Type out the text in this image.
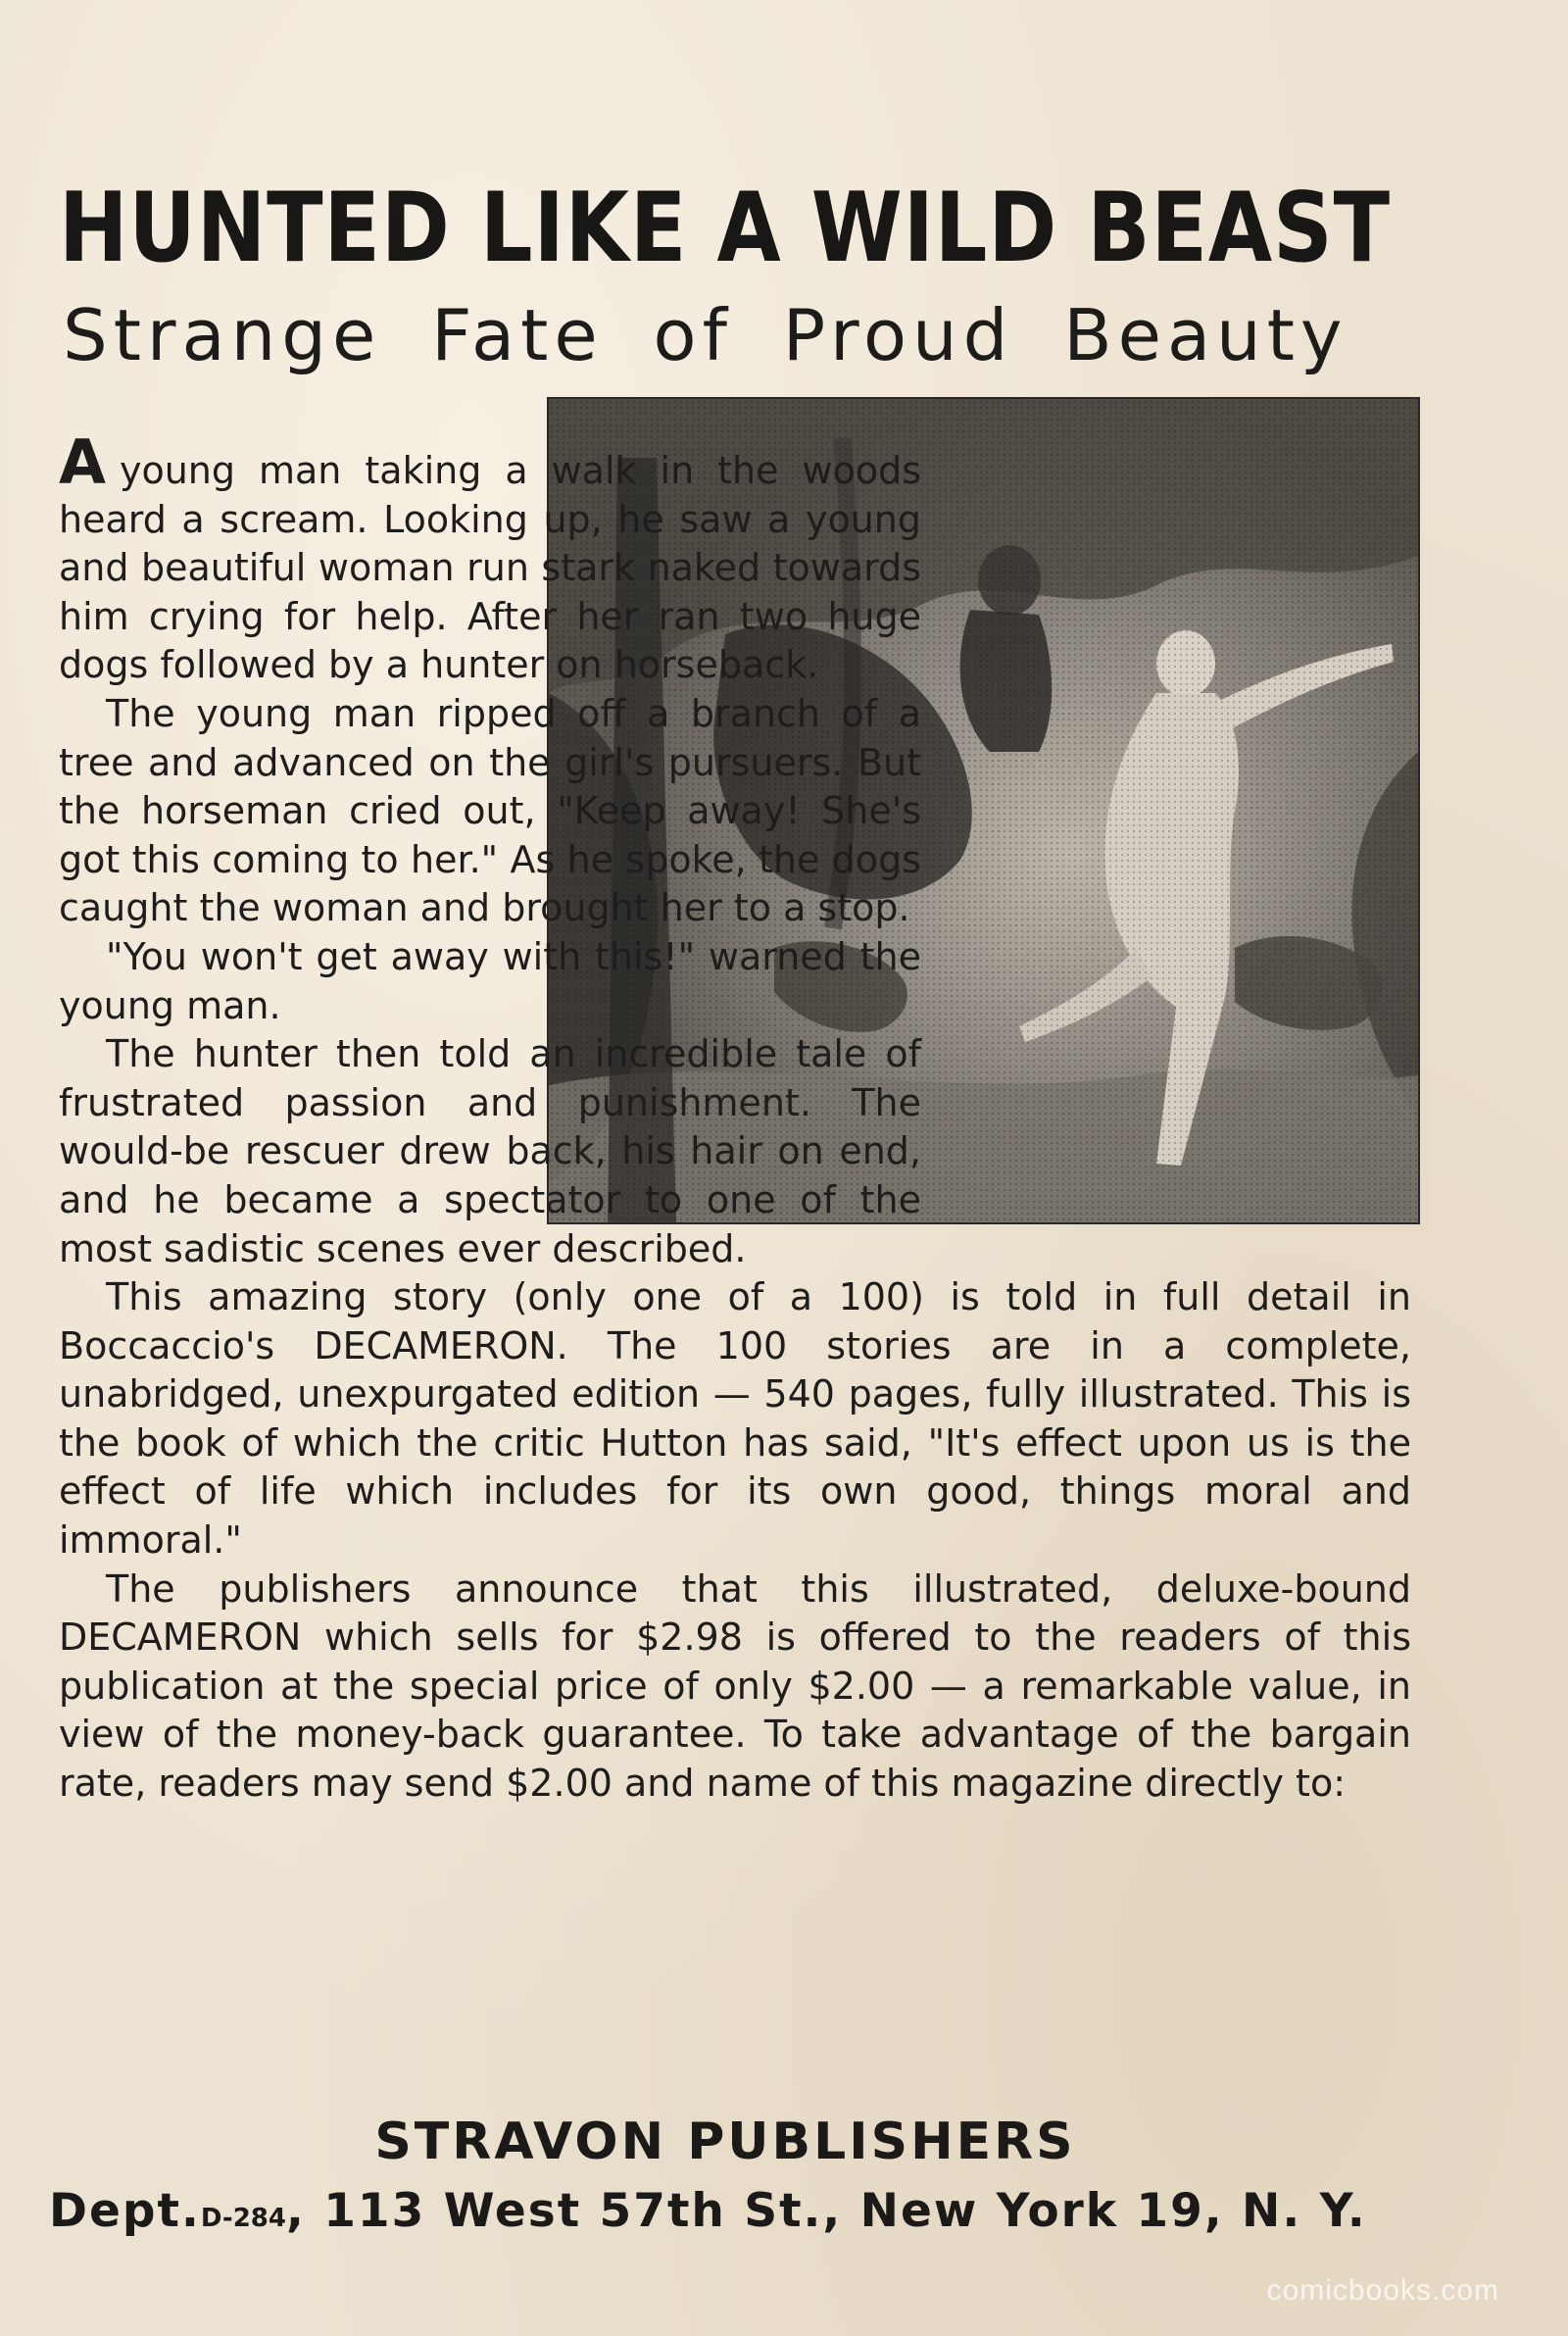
HUNTED LIKE A WILD BEAST
Strange Fate of Proud Beauty

Ayoung man taking a walk in the woods heard a scream. Looking up, he saw a young and beautiful woman run stark naked towards him crying for help. After her ran two huge dogs followed by a hunter on horseback.

The young man ripped off a branch of a tree and advanced on the girl's pursuers. But the horseman cried out, "Keep away! She's got this coming to her." As he spoke, the dogs caught the woman and brought her to a stop.

"You won't get away with this!" warned the young man.

The hunter then told an incredible tale of frustrated passion and punishment. The would-be rescuer drew back, his hair on end, and he became a spectator to one of the most sadistic scenes ever described.

This amazing story (only one of a 100) is told in full detail in Boccaccio's DECAMERON. The 100 stories are in a complete, unabridged, unexpurgated edition — 540 pages, fully illustrated. This is the book of which the critic Hutton has said, "It's effect upon us is the effect of life which includes for its own good, things moral and immoral."

The publishers announce that this illustrated, deluxe-bound DECAMERON which sells for $2.98 is offered to the readers of this publication at the special price of only $2.00 — a remarkable value, in view of the money-back guarantee. To take advantage of the bargain rate, readers may send $2.00 and name of this magazine directly to:

STRAVON PUBLISHERS
Dept.D-284, 113 West 57th St., New York 19, N. Y.
comicbooks.com
